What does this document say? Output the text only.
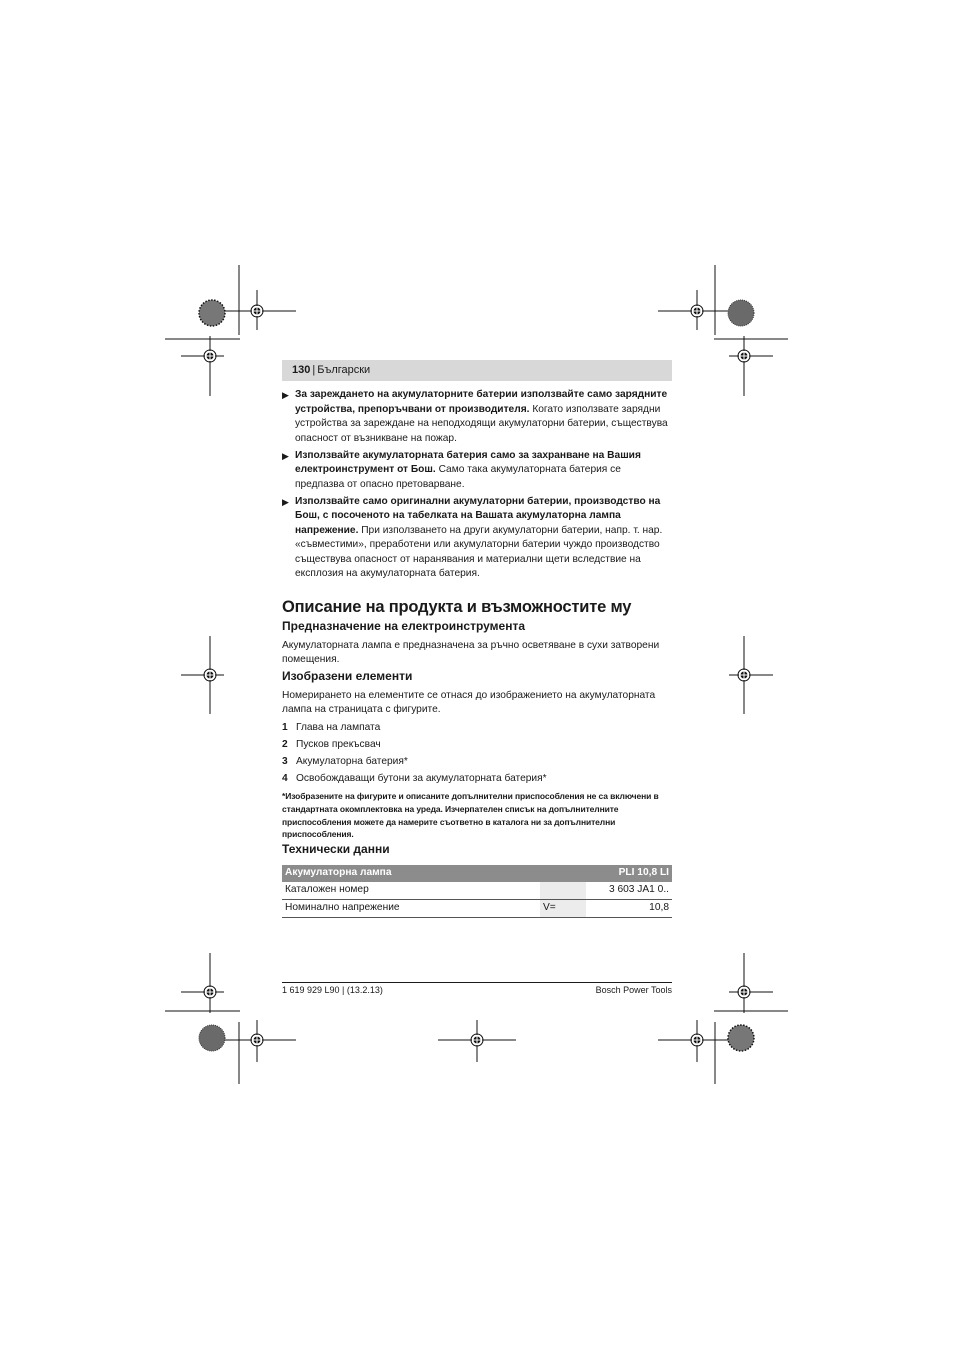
130 | Български
▶ За зареждането на акумулаторните батерии използвайте само зарядните устройства, препоръчвани от производителя. Когато използвате зарядни устройства за зареждане на неподходящи акумулаторни батерии, съществува опасност от възникване на пожар.
▶ Използвайте акумулаторната батерия само за захранване на Вашия електроинструмент от Бош. Само така акумулаторната батерия се предпазва от опасно претоварване.
▶ Използвайте само оригинални акумулаторни батерии, производство на Бош, с посоченото на табелката на Вашата акумулаторна лампа напрежение. При използването на други акумулаторни батерии, напр. т. нар. «съвместими», преработени или акумулаторни батерии чуждо производство съществува опасност от наранявания и материални щети вследствие на експлозия на акумулаторната батерия.
Описание на продукта и възможностите му
Предназначение на електроинструмента

Акумулаторната лампа е предназначена за ръчно осветяване в сухи затворени помещения.

Изобразени елементи

Номерирането на елементите се отнася до изображението на акумулаторната лампа на страницата с фигурите.

1 Глава на лампата
2 Пусков прекъсвач
3 Акумулаторна батерия*
4 Освобождаващи бутони за акумулаторната батерия*

*Изобразените на фигурите и описаните допълнителни приспособления не са включени в стандартната окомплектовка на уреда. Изчерпателен списък на допълнителните приспособления можете да намерите съответно в каталога ни за допълнителни приспособления.

Технически данни
Акумулаторна лампа		PLI 10,8 LI
Каталожен номер		3 603 JA1 0..
Номинално напрежение	V=	10,8
1 619 929 L90 | (13.2.13)	Bosch Power Tools
